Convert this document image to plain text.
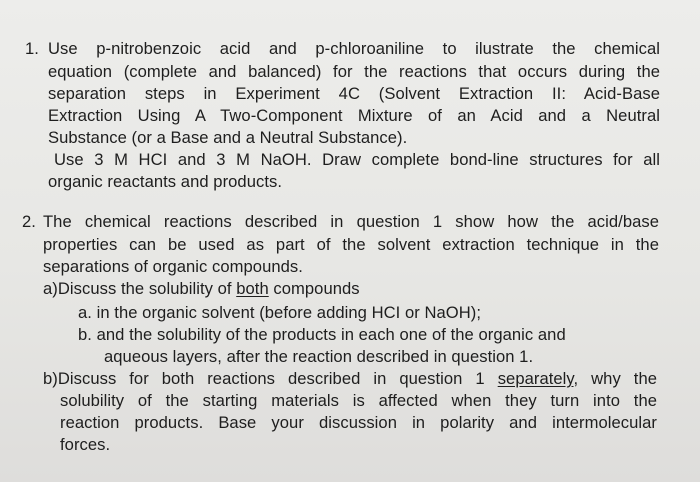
1. Use p-nitrobenzoic acid and p-chloroaniline to ilustrate the chemical
equation (complete and balanced) for the reactions that occurs during the
separation steps in Experiment 4C (Solvent Extraction II: Acid-Base
Extraction Using A Two-Component Mixture of an Acid and a Neutral
Substance (or a Base and a Neutral Substance).
Use 3 M HCI and 3 M NaOH. Draw complete bond-line structures for all
organic reactants and products.
2. The chemical reactions described in question 1 show how the acid/base
properties can be used as part of the solvent extraction technique in the
separations of organic compounds.
a)Discuss the solubility of both compounds
a. in the organic solvent (before adding HCI or NaOH);
b. and the solubility of the products in each one of the organic and
aqueous layers, after the reaction described in question 1.
b)Discuss for both reactions described in question 1 separately, why the
solubility of the starting materials is affected when they turn into the
reaction products. Base your discussion in polarity and intermolecular
forces.
